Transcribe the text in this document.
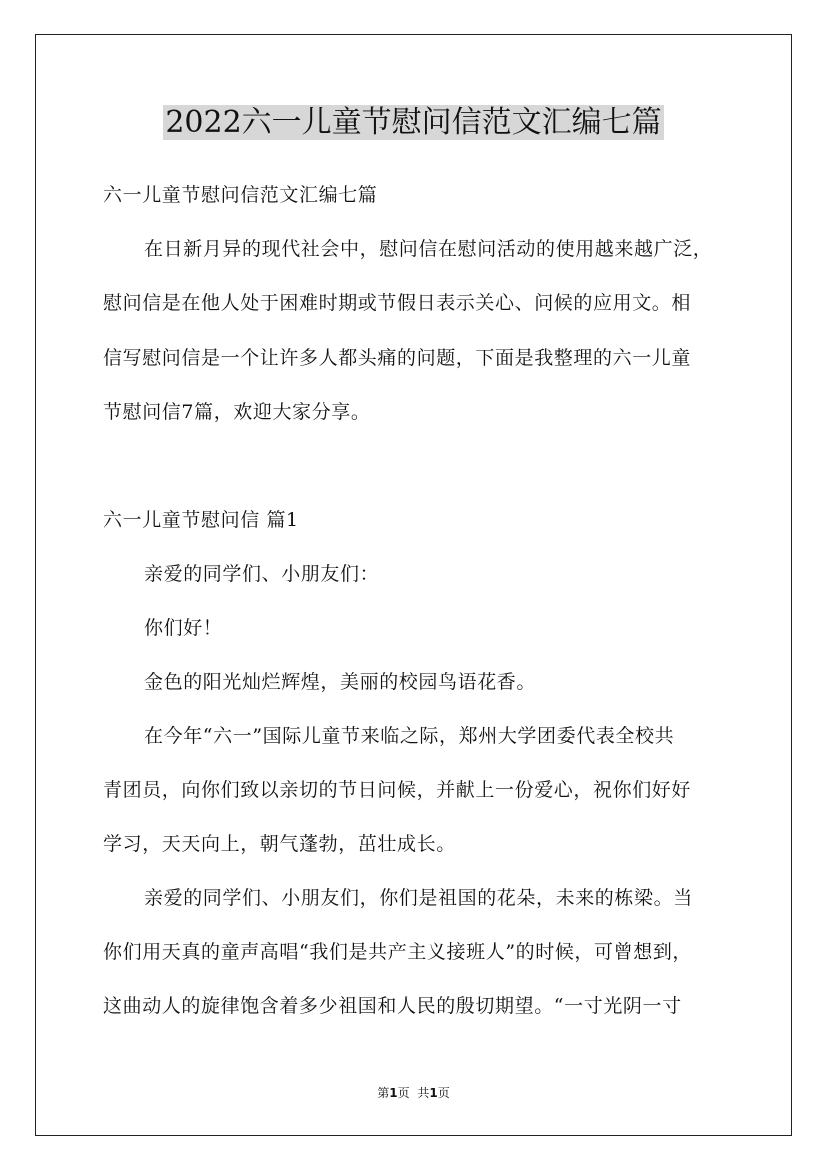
2022六一儿童节慰问信范文汇编七篇
六一儿童节慰问信范文汇编七篇
在日新月异的现代社会中，慰问信在慰问活动的使用越来越广泛，
慰问信是在他人处于困难时期或节假日表示关心、问候的应用文。相
信写慰问信是一个让许多人都头痛的问题，下面是我整理的六一儿童
节慰问信7篇，欢迎大家分享。
六一儿童节慰问信 篇1
亲爱的同学们、小朋友们：
你们好！
金色的阳光灿烂辉煌，美丽的校园鸟语花香。
在今年“六一”国际儿童节来临之际，郑州大学团委代表全校共
青团员，向你们致以亲切的节日问候，并献上一份爱心，祝你们好好
学习，天天向上，朝气蓬勃，茁壮成长。
亲爱的同学们、小朋友们，你们是祖国的花朵，未来的栋梁。当
你们用天真的童声高唱“我们是共产主义接班人”的时候，可曾想到，
这曲动人的旋律饱含着多少祖国和人民的殷切期望。“一寸光阴一寸
第1页 共1页
